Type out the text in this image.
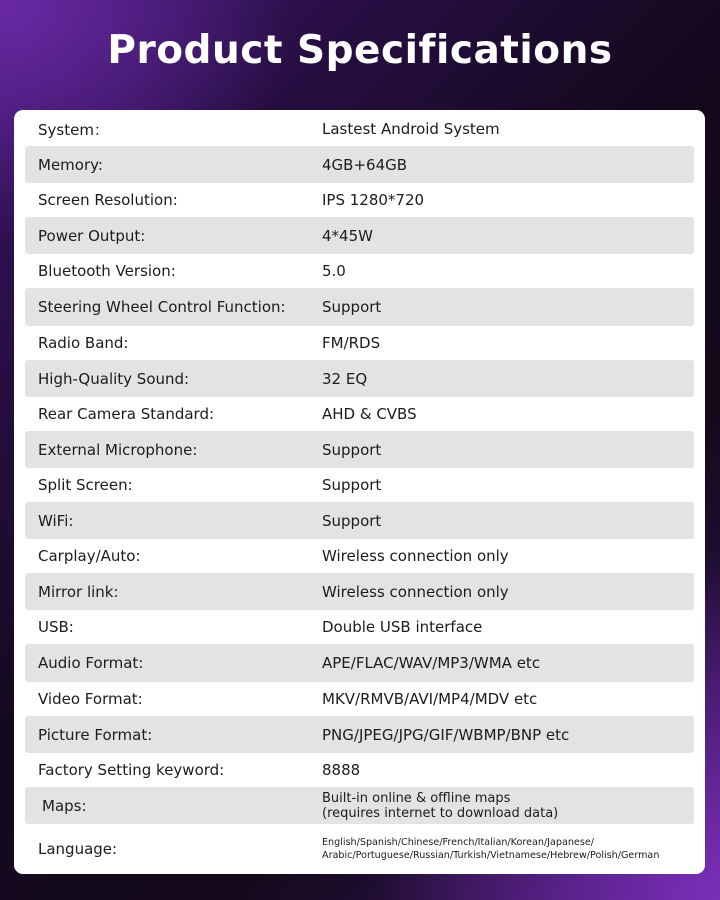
Product Specifications
System：	Lastest Android System
Memory:	4GB+64GB
Screen Resolution:	IPS 1280*720
Power Output:	4*45W
Bluetooth Version:	5.0
Steering Wheel Control Function: Support
Radio Band:	FM/RDS
High-Quality Sound:	32 EQ
Rear Camera Standard:	AHD & CVBS
External Microphone:	Support
Split Screen:	Support
WiFi:	Support
Carplay/Auto:	Wireless connection only
Mirror link:	Wireless connection only
USB:	Double USB interface
Audio Format:	APE/FLAC/WAV/MP3/WMA etc
Video Format:	MKV/RMVB/AVI/MP4/MDV etc
Picture Format:	PNG/JPEG/JPG/GIF/WBMP/BNP etc
Factory Setting keyword:	8888
Maps:	Built-in online & offline maps
(requires internet to download data)
Language:	English/Spanish/Chinese/French/Italian/Korean/Japanese/
Arabic/Portuguese/Russian/Turkish/Vietnamese/Hebrew/Polish/German
